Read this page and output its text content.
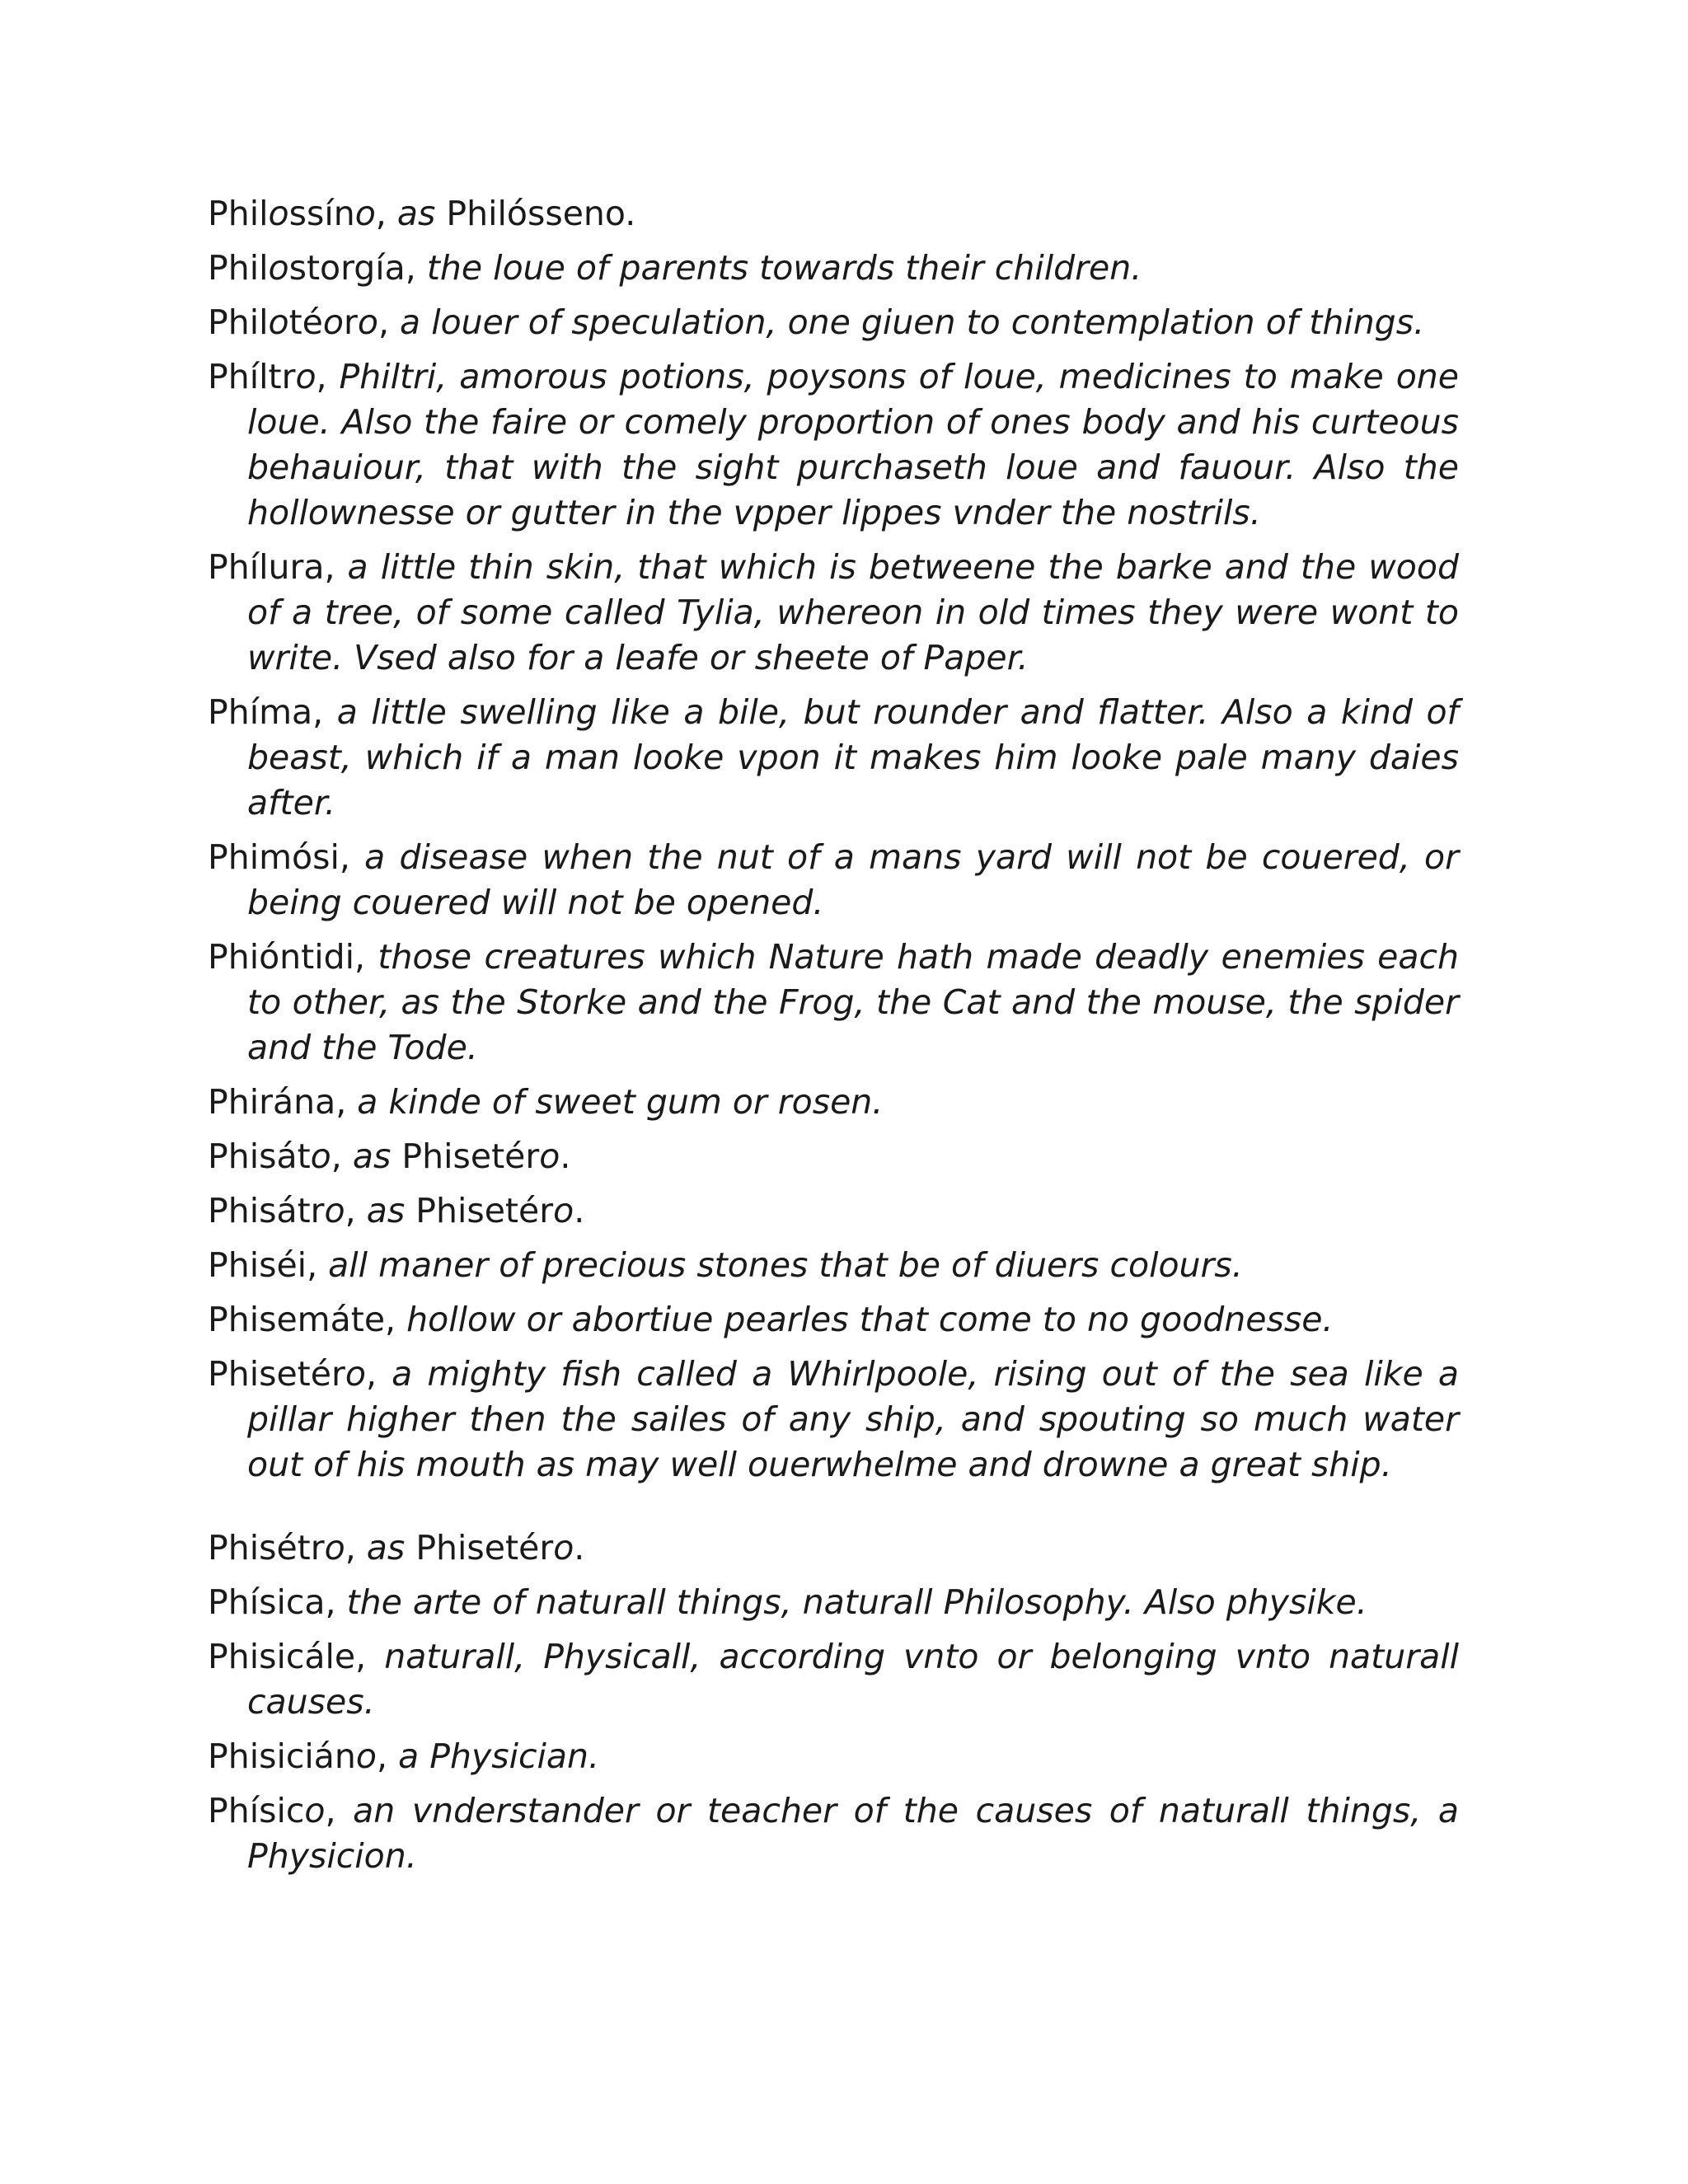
Philossíno, as Philósseno.

Philostorgía, the loue of parents towards their children.

Philotéoro, a louer of speculation, one giuen to contemplation of things.

Phíltro, Philtri, amorous potions, poysons of loue, medicines to make one loue. Also the faire or comely proportion of ones body and his curteous behauiour, that with the sight purchaseth loue and fauour. Also the hollownesse or gutter in the vpper lippes vnder the nostrils.

Phílura, a little thin skin, that which is betweene the barke and the wood of a tree, of some called Tylia, whereon in old times they were wont to write. Vsed also for a leafe or sheete of Paper.

Phíma, a little swelling like a bile, but rounder and flatter. Also a kind of beast, which if a man looke vpon it makes him looke pale many daies after.

Phimósi, a disease when the nut of a mans yard will not be couered, or being couered will not be opened.

Phióntidi, those creatures which Nature hath made deadly enemies each to other, as the Storke and the Frog, the Cat and the mouse, the spider and the Tode.

Phirána, a kinde of sweet gum or rosen.

Phisáto, as Phisetéro.

Phisátro, as Phisetéro.

Phiséi, all maner of precious stones that be of diuers colours.

Phisemáte, hollow or abortiue pearles that come to no goodnesse.

Phisetéro, a mighty fish called a Whirlpoole, rising out of the sea like a pillar higher then the sailes of any ship, and spouting so much water out of his mouth as may well ouerwhelme and drowne a great ship.

Phisétro, as Phisetéro.

Phísica, the arte of naturall things, naturall Philosophy. Also physike.

Phisicále, naturall, Physicall, according vnto or belonging vnto naturall causes.

Phisiciáno, a Physician.

Phísico, an vnderstander or teacher of the causes of naturall things, a Physicion.
